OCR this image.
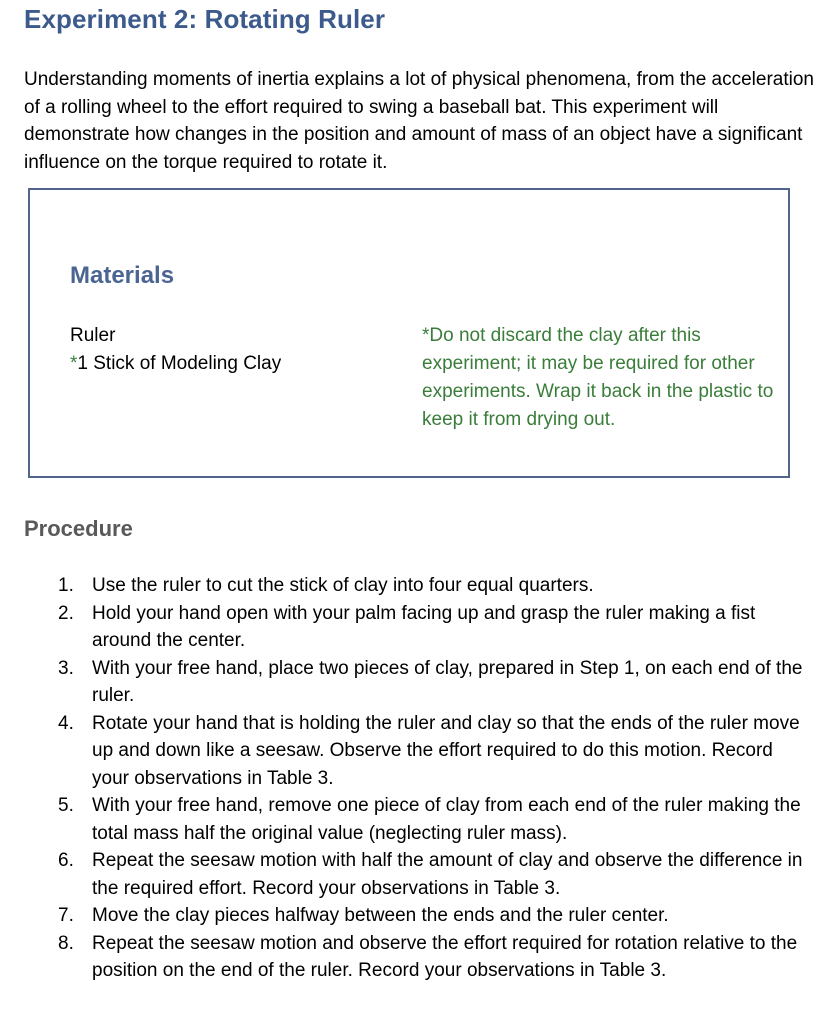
Experiment 2: Rotating Ruler

Understanding moments of inertia explains a lot of physical phenomena, from the acceleration of a rolling wheel to the effort required to swing a baseball bat. This experiment will demonstrate how changes in the position and amount of mass of an object have a significant influence on the torque required to rotate it.

Materials
Ruler
*1 Stick of Modeling Clay

*Do not discard the clay after this experiment; it may be required for other experiments. Wrap it back in the plastic to keep it from drying out.

Procedure
1. Use the ruler to cut the stick of clay into four equal quarters.
2. Hold your hand open with your palm facing up and grasp the ruler making a fist around the center.
3. With your free hand, place two pieces of clay, prepared in Step 1, on each end of the ruler.
4. Rotate your hand that is holding the ruler and clay so that the ends of the ruler move up and down like a seesaw. Observe the effort required to do this motion. Record your observations in Table 3.
5. With your free hand, remove one piece of clay from each end of the ruler making the total mass half the original value (neglecting ruler mass).
6. Repeat the seesaw motion with half the amount of clay and observe the difference in the required effort. Record your observations in Table 3.
7. Move the clay pieces halfway between the ends and the ruler center.
8. Repeat the seesaw motion and observe the effort required for rotation relative to the position on the end of the ruler. Record your observations in Table 3.
